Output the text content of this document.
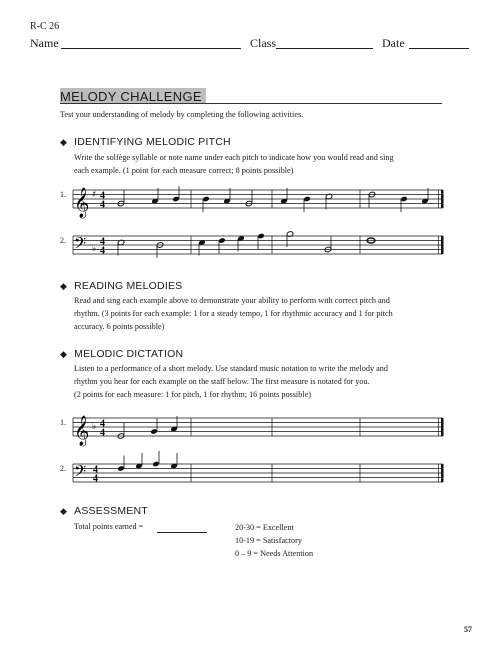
R-C 26
Name	Class	Date
MELODY CHALLENGE
Test your understanding of melody by completing the following activities.
◆ IDENTIFYING MELODIC PITCH
Write the solfège syllable or note name under each pitch to indicate how you would read and sing
each example. (1 point for each measure correct; 8 points possible)
◆ READING MELODIES
Read and sing each example above to demonstrate your ability to perform with correct pitch and
rhythm. (3 points for each example: 1 for a steady tempo, 1 for rhythmic accuracy and 1 for pitch
accuracy. 6 points possible)
◆ MELODIC DICTATION
Listen to a performance of a short melody. Use standard music notation to write the melody and
rhythm you hear for each example on the staff below. The first measure is notated for you.
(2 points for each measure: 1 for pitch, 1 for rhythm; 16 points possible)
◆ ASSESSMENT
Total points earned =	20-30 = Excellent
10-19 = Satisfactory
0 – 9 = Needs Attention
1.
2.
1.
2.
𝄞 ♯ 4
4
𝄢 ♭
4
4
𝄞 ♭ 4
4
𝄢 4
4
57
